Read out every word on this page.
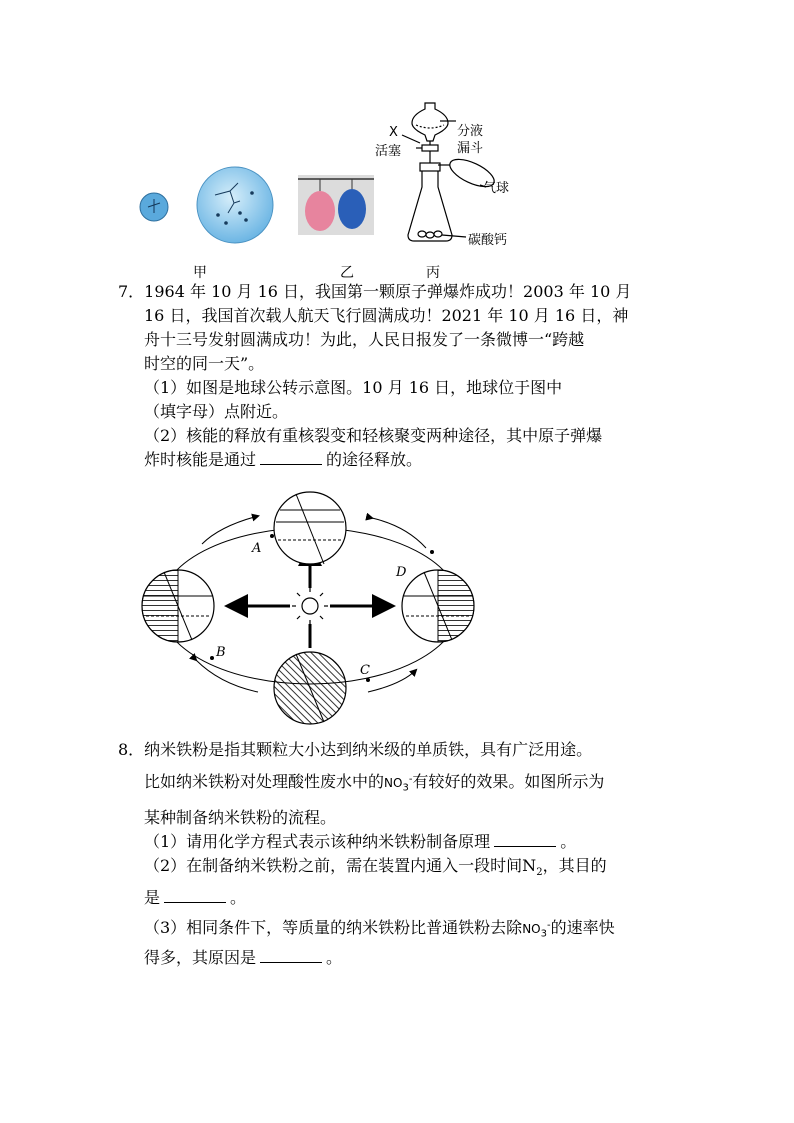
X
活塞
分液
漏斗
气球
碳酸钙
甲	乙	丙
7．1964 年 10 月 16 日，我国第一颗原子弹爆炸成功！2003 年 10 月
16 日，我国首次载人航天飞行圆满成功！2021 年 10 月 16 日，神
舟十三号发射圆满成功！为此，人民日报发了一条微博一“跨越
时空的同一天”。
（1）如图是地球公转示意图。10 月 16 日，地球位于图中
（填字母）点附近。
（2）核能的释放有重核裂变和轻核聚变两种途径，其中原子弹爆
炸时核能是通过	的途径释放。
A
B
C
D
8．纳米铁粉是指其颗粒大小达到纳米级的单质铁，具有广泛用途。
比如纳米铁粉对处理酸性废水中的$NO_3^-$有较好的效果。如图所示为
某种制备纳米铁粉的流程。
（1）请用化学方程式表示该种纳米铁粉制备原理	。
（2）在制备纳米铁粉之前，需在装置内通入一段时间$N_2$，其目的
是	。
（3）相同条件下，等质量的纳米铁粉比普通铁粉去除$NO_3^-$的速率快
得多，其原因是	。
